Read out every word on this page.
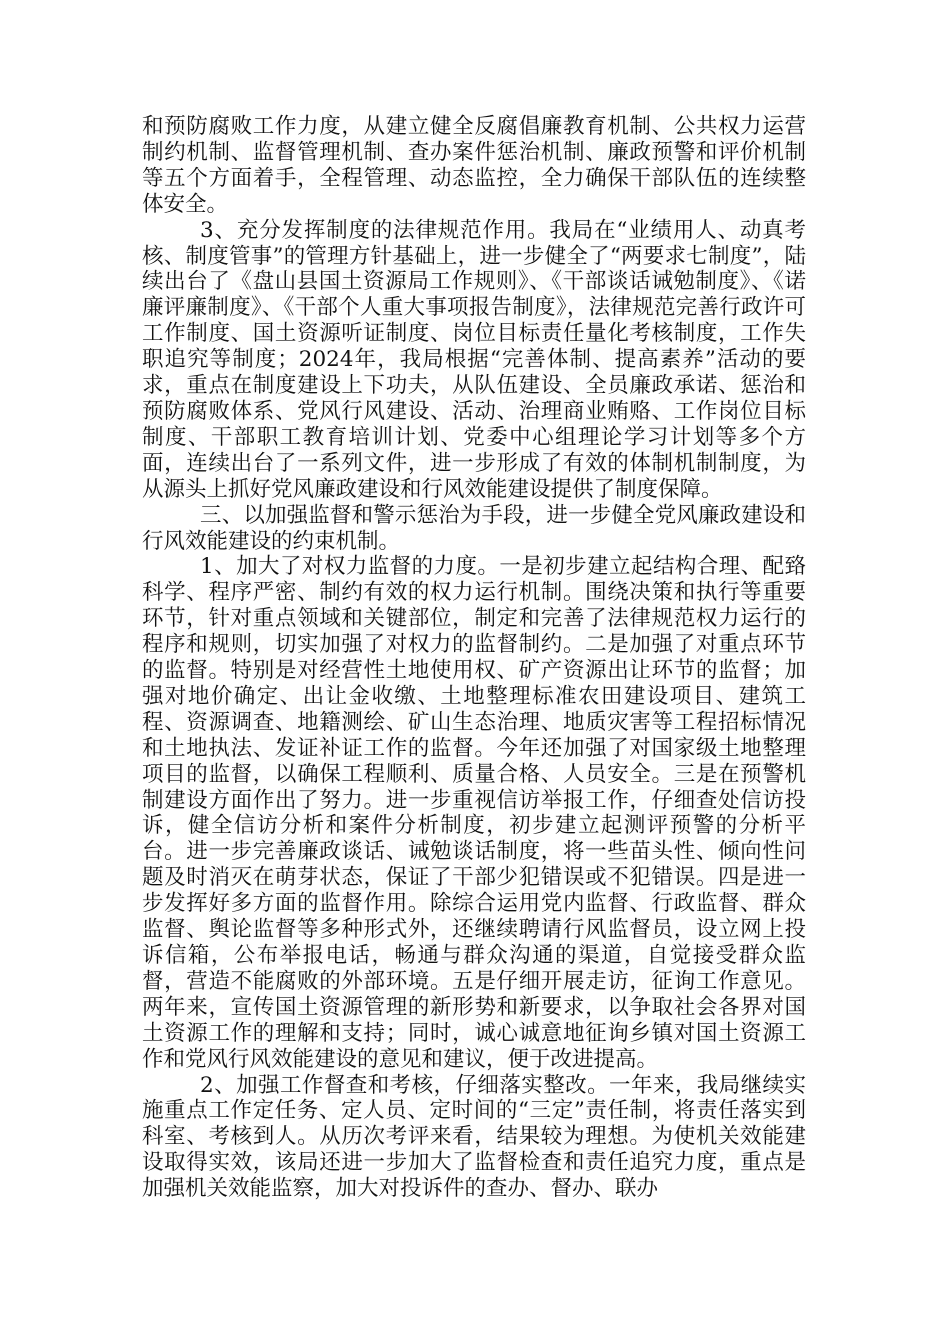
和预防腐败工作力度，从建立健全反腐倡廉教育机制、公共权力运营制约机制、监督管理机制、查办案件惩治机制、廉政预警和评价机制等五个方面着手，全程管理、动态监控，全力确保干部队伍的连续整体安全。

3、充分发挥制度的法律规范作用。我局在“业绩用人、动真考核、制度管事”的管理方针基础上，进一步健全了“两要求七制度”，陆续出台了《盘山县国土资源局工作规则》、《干部谈话诫勉制度》、《诺廉评廉制度》、《干部个人重大事项报告制度》，法律规范完善行政许可工作制度、国土资源听证制度、岗位目标责任量化考核制度，工作失职追究等制度；2024年，我局根据“完善体制、提高素养”活动的要求，重点在制度建设上下功夫，从队伍建设、全员廉政承诺、惩治和预防腐败体系、党风行风建设、活动、治理商业贿赂、工作岗位目标制度、干部职工教育培训计划、党委中心组理论学习计划等多个方面，连续出台了一系列文件，进一步形成了有效的体制机制制度，为从源头上抓好党风廉政建设和行风效能建设提供了制度保障。

三、以加强监督和警示惩治为手段，进一步健全党风廉政建设和行风效能建设的约束机制。

1、加大了对权力监督的力度。一是初步建立起结构合理、配臵科学、程序严密、制约有效的权力运行机制。围绕决策和执行等重要环节，针对重点领域和关键部位，制定和完善了法律规范权力运行的程序和规则，切实加强了对权力的监督制约。二是加强了对重点环节的监督。特别是对经营性土地使用权、矿产资源出让环节的监督；加强对地价确定、出让金收缴、土地整理标准农田建设项目、建筑工程、资源调查、地籍测绘、矿山生态治理、地质灾害等工程招标情况和土地执法、发证补证工作的监督。今年还加强了对国家级土地整理项目的监督，以确保工程顺利、质量合格、人员安全。三是在预警机制建设方面作出了努力。进一步重视信访举报工作，仔细查处信访投诉，健全信访分析和案件分析制度，初步建立起测评预警的分析平台。进一步完善廉政谈话、诫勉谈话制度，将一些苗头性、倾向性问题及时消灭在萌芽状态，保证了干部少犯错误或不犯错误。四是进一步发挥好多方面的监督作用。除综合运用党内监督、行政监督、群众监督、舆论监督等多种形式外，还继续聘请行风监督员，设立网上投诉信箱，公布举报电话，畅通与群众沟通的渠道，自觉接受群众监督，营造不能腐败的外部环境。五是仔细开展走访，征询工作意见。两年来，宣传国土资源管理的新形势和新要求，以争取社会各界对国土资源工作的理解和支持；同时，诚心诚意地征询乡镇对国土资源工作和党风行风效能建设的意见和建议，便于改进提高。

2、加强工作督查和考核，仔细落实整改。一年来，我局继续实施重点工作定任务、定人员、定时间的“三定”责任制，将责任落实到科室、考核到人。从历次考评来看，结果较为理想。为使机关效能建设取得实效，该局还进一步加大了监督检查和责任追究力度，重点是加强机关效能监察，加大对投诉件的查办、督办、联办
